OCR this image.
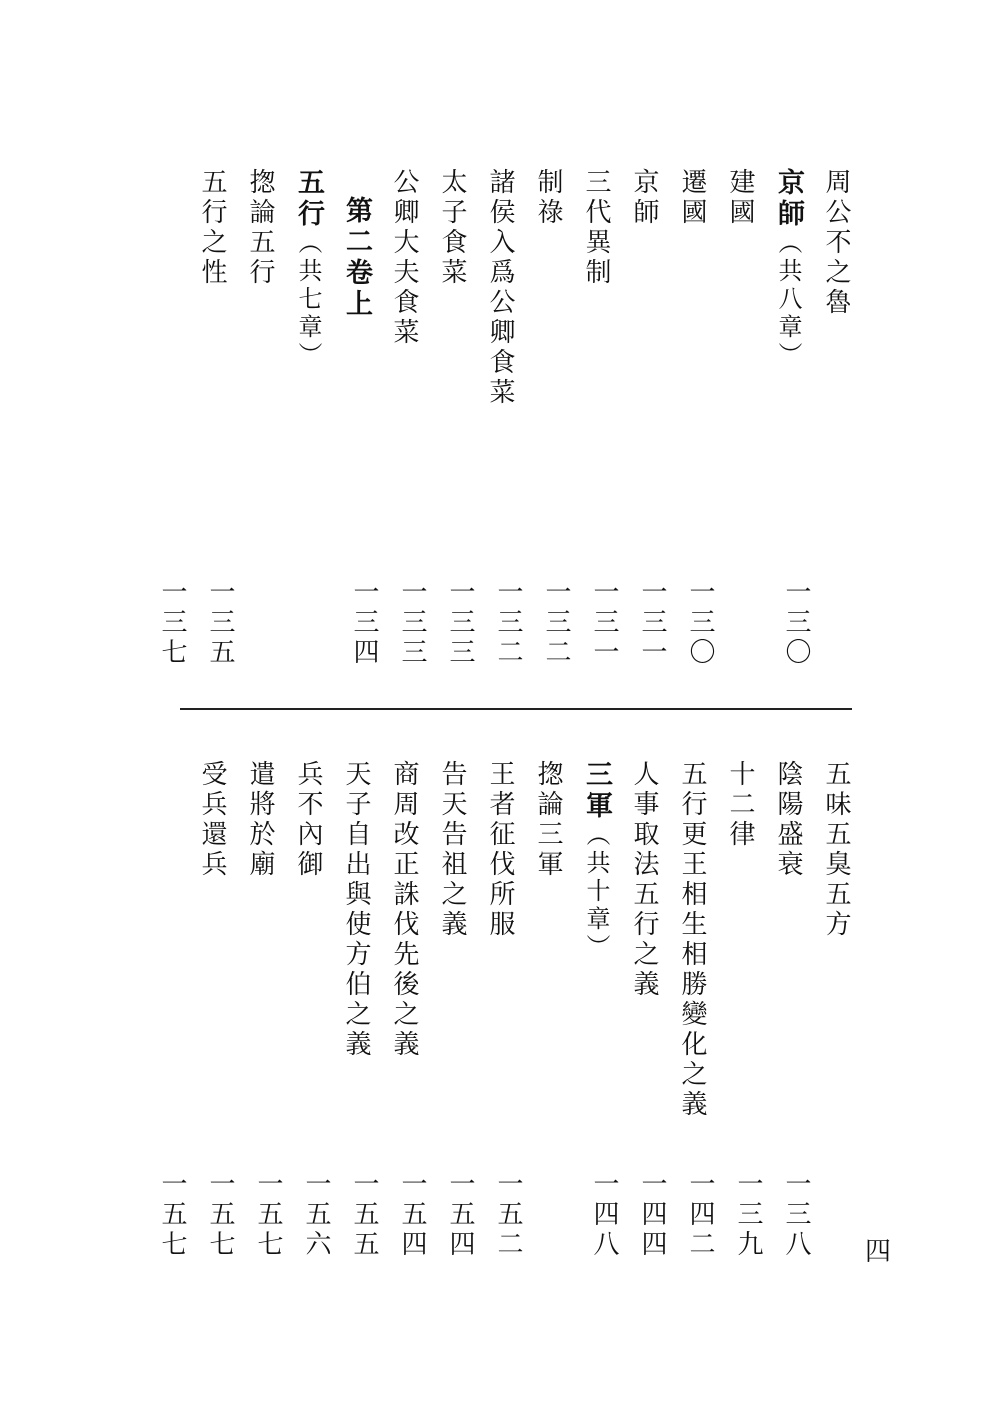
周公不之魯
一三〇
京師（共八章）
建國
一三〇
遷國
一三一
京師
一三一
三代異制
一三二
制祿
一三二
諸侯入爲公卿食菜
一三三
太子食菜
一三三
公卿大夫食菜
一三四
第二卷上
五行（共七章）
揔論五行
一三五
五行之性
一三七
五味五臭五方
一三八
陰陽盛衰
一三九
十二律
一四二
五行更王相生相勝變化之義
一四四
人事取法五行之義
一四八
三軍（共十章）
揔論三軍
一五二
王者征伐所服
一五四
告天告祖之義
一五四
商周改正誅伐先後之義
一五五
天子自出與使方伯之義
一五六
兵不內御
一五七
遣將於廟
一五七
受兵還兵
一五七	四
